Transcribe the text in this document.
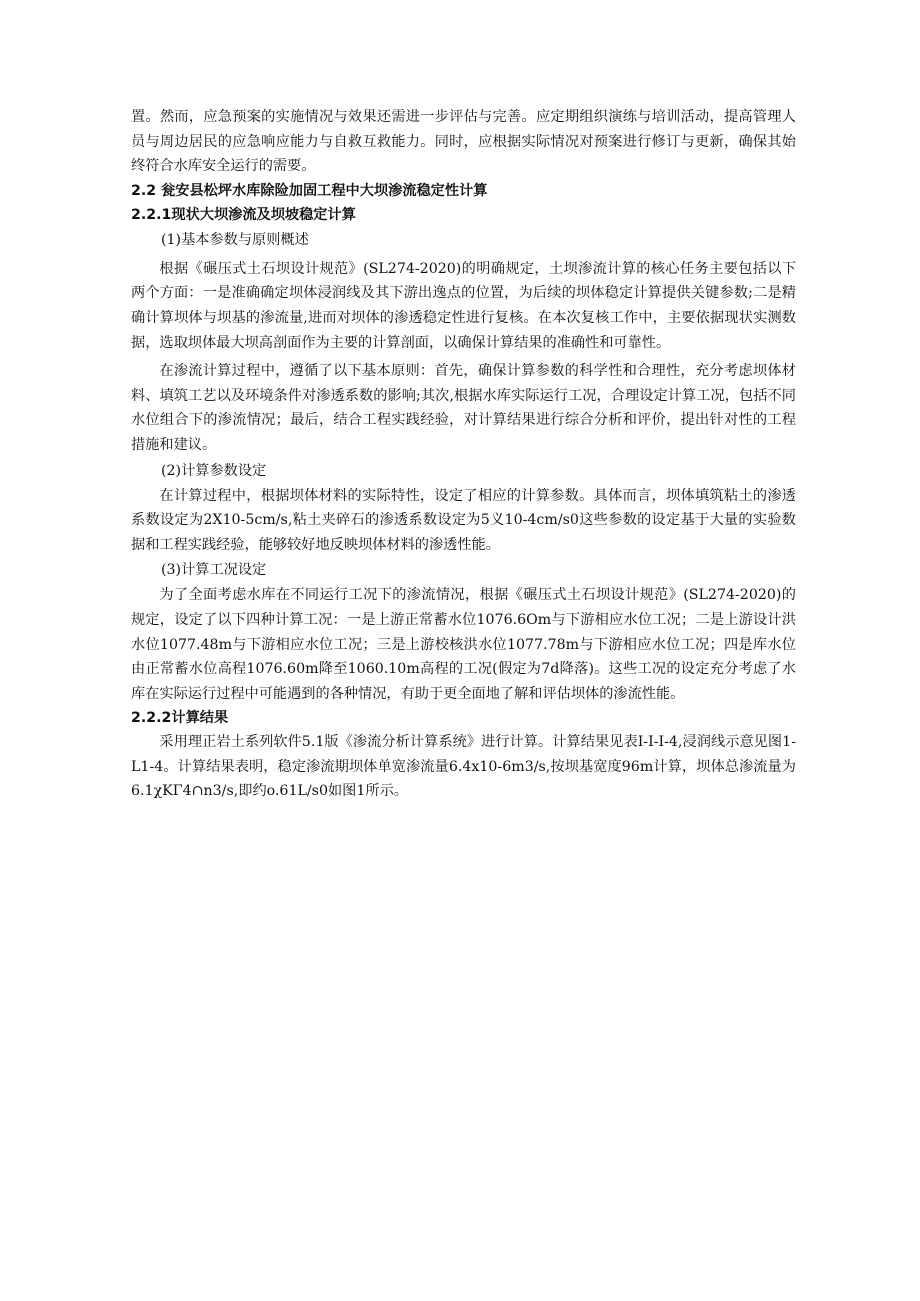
置。然而，应急预案的实施情况与效果还需进一步评估与完善。应定期组织演练与培训活动，提高管理人员与周边居民的应急响应能力与自救互救能力。同时，应根据实际情况对预案进行修订与更新，确保其始终符合水库安全运行的需要。

2.2 瓮安县松坪水库除险加固工程中大坝渗流稳定性计算

2.2.1现状大坝渗流及坝坡稳定计算

(1)基本参数与原则概述

根据《碾压式土石坝设计规范》(SL274-2020)的明确规定，土坝渗流计算的核心任务主要包括以下两个方面：一是准确确定坝体浸润线及其下游出逸点的位置，为后续的坝体稳定计算提供关键参数;二是精确计算坝体与坝基的渗流量,进而对坝体的渗透稳定性进行复核。在本次复核工作中，主要依据现状实测数据，选取坝体最大坝高剖面作为主要的计算剖面，以确保计算结果的准确性和可靠性。

在渗流计算过程中，遵循了以下基本原则：首先，确保计算参数的科学性和合理性，充分考虑坝体材料、填筑工艺以及环境条件对渗透系数的影响;其次,根据水库实际运行工况，合理设定计算工况，包括不同水位组合下的渗流情况；最后，结合工程实践经验，对计算结果进行综合分析和评价，提出针对性的工程措施和建议。

(2)计算参数设定

在计算过程中，根据坝体材料的实际特性，设定了相应的计算参数。具体而言，坝体填筑粘土的渗透系数设定为2X10-5cm∕s,粘土夹碎石的渗透系数设定为5义10-4cm∕s0这些参数的设定基于大量的实验数据和工程实践经验，能够较好地反映坝体材料的渗透性能。

(3)计算工况设定

为了全面考虑水库在不同运行工况下的渗流情况，根据《碾压式土石坝设计规范》(SL274-2020)的规定，设定了以下四种计算工况：一是上游正常蓄水位1076.6Om与下游相应水位工况；二是上游设计洪水位1077.48m与下游相应水位工况；三是上游校核洪水位1077.78m与下游相应水位工况；四是库水位由正常蓄水位高程1076.60m降至1060.10m高程的工况(假定为7d降落)。这些工况的设定充分考虑了水库在实际运行过程中可能遇到的各种情况，有助于更全面地了解和评估坝体的渗流性能。

2.2.2计算结果

采用理正岩土系列软件5.1版《渗流分析计算系统》进行计算。计算结果见表I-I-I-4,浸润线示意见图1-L1-4。计算结果表明，稳定渗流期坝体单宽渗流量6.4x10-6m3∕s,按坝基宽度96m计算，坝体总渗流量为6.1χKΓ4∩n3∕s,即约o.61L∕s0如图1所示。
